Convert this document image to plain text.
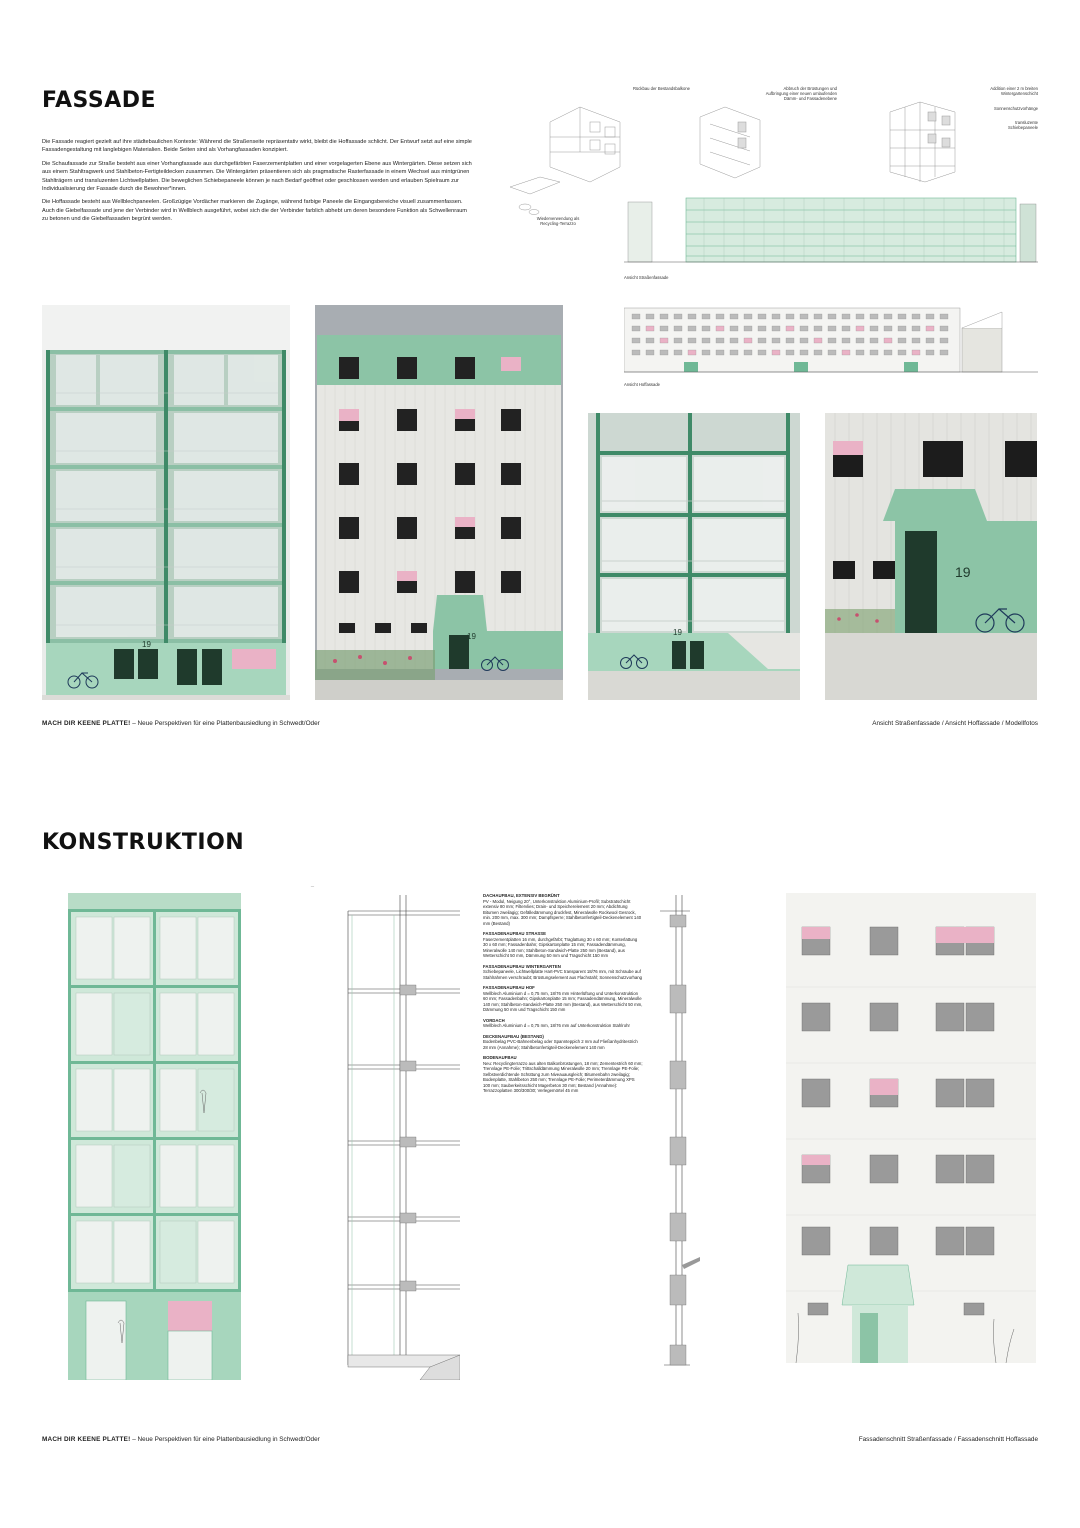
FASSADE

Die Fassade reagiert gezielt auf ihre städtebaulichen Kontexte: Während die Straßenseite repräsentativ wirkt, bleibt die Hoffassade schlicht. Der Entwurf setzt auf eine simple Fassadengestaltung mit langlebigen Materialien. Beide Seiten sind als Vorhangfassaden konzipiert.

Die Schaufassade zur Straße besteht aus einer Vorhangfassade aus durchgefärbten Faserzementplatten und einer vorgelagerten Ebene aus Wintergärten. Diese setzen sich aus einem Stahltragwerk und Stahlbeton-Fertigteildecken zusammen. Die Wintergärten präsentieren sich als pragmatische Rasterfassade in einem Wechsel aus mintgrünen Stahlträgern und transluzenten Lichtwellplatten. Die beweglichen Schiebepaneele können je nach Bedarf geöffnet oder geschlossen werden und erlauben Spielraum zur Individualisierung der Fassade durch die Bewohner*innen.

Die Hoffassade besteht aus Wellblechpaneelen. Großzügige Vordächer markieren die Zugänge, während farbige Paneele die Eingangsbereiche visuell zusammenfassen. Auch die Giebelfassade und jene der Verbinder wird in Wellblech ausgeführt, wobei sich die der Verbinder farblich abhebt um deren besondere Funktion als Schwellenraum zu betonen und die Giebelfassaden begrünt werden.

Rückbau der Bestandsbalkone	Abbruch der Brüstungen und Aufbringung einer neuen umlaufenden Dämm- und Fassadenebene
Addition einer 2 m breiten Wintergartenschicht
Sonnenschutzvorhänge
transluzente Schiebepaneele
Wiederverwendung als Recycling-Terrazzo
Ansicht Straßenfassade
Ansicht Hoffassade
19
19	19
19
MACH DIR KEENE PLATTE! – Neue Perspektiven für eine Plattenbausiedlung in Schwedt/Oder	Ansicht Straßenfassade / Ansicht Hoffassade / Modellfotos
KONSTRUKTION
—
DACHAUFBAU, EXTENSIV BEGRÜNT
PV - Modul, Neigung 20°, Unterkonstruktion Aluminium-Profil; Substratschicht extensiv 80 mm; Filtervlies; Drain- und Speicherelement 20 mm; Abdichtung Bitumen zweilagig; Gefälledämmung druckfest, Mineralwolle Rockwool Gesrock, min. 200 mm, max. 300 mm; Dampfsperre; Stahlbetonfertigteil-Deckenelement 140 mm (Bestand)
FASSADENAUFBAU STRASSE
Faserzementplatten 16 mm, durchgefärbt; Traglattung 30 x 60 mm; Konterlattung 30 x 60 mm; Fassadenbahn; Gipskartonplatte 15 mm; Fassadendämmung, Mineralwolle 140 mm; Stahlbeton-Sandwich-Platte 250 mm (Bestand), aus Wetterschicht 50 mm, Dämmung 50 mm und Tragschicht 150 mm
FASSADENAUFBAU WINTERGARTEN
Schiebepaneele, Lichtwellplatte Hart-PVC transparent 18/76 mm, mit Schraube auf Stahlrahmen verschraubt; Brüstungselement aus Flachstahl; Sonnenschutzvorhang
FASSADENAUFBAU HOF
Wellblech Aluminium d = 0,75 mm, 18/76 mm Hinterlüftung und Unterkonstruktion 60 mm; Fassadenbahn; Gipskartonplatte 15 mm; Fassadendämmung, Mineralwolle 140 mm; Stahlbeton-Sandwich-Platte 250 mm (Bestand), aus Wetterschicht 50 mm, Dämmung 50 mm und Tragschicht 150 mm
VORDACH
Wellblech Aluminium d = 0,75 mm, 18/76 mm auf Unterkonstruktion Stahlrohr
DECKENAUFBAU (BESTAND)
Bodenbelag PVC-Bahnenbelag oder Spannteppich 2 mm auf Fließanhydritestrich 28 mm (Annahme); Stahlbetonfertigteil-Deckenelement 140 mm
BODENAUFBAU
Neu: Recyclingterrazzo aus alten Balkonbrüstungen, 18 mm; Zementestrich 60 mm; Trennlage PE-Folie; Trittschalldämmung Mineralwolle 20 mm; Trennlage PE-Folie; Selbstverdichtende Schüttung zum Niveauausgleich; Bitumenbahn zweilagig; Bodenplatte, Stahlbeton 250 mm; Trennlage PE-Folie; Perimeterdämmung XPS 100 mm; Sauberkeitsschicht Magerbeton 30 mm; Bestand (Annahme): Terrazzoplatten 300/300/30; Verlegemörtel 45 mm
MACH DIR KEENE PLATTE! – Neue Perspektiven für eine Plattenbausiedlung in Schwedt/Oder	Fassadenschnitt Straßenfassade / Fassadenschnitt Hoffassade
